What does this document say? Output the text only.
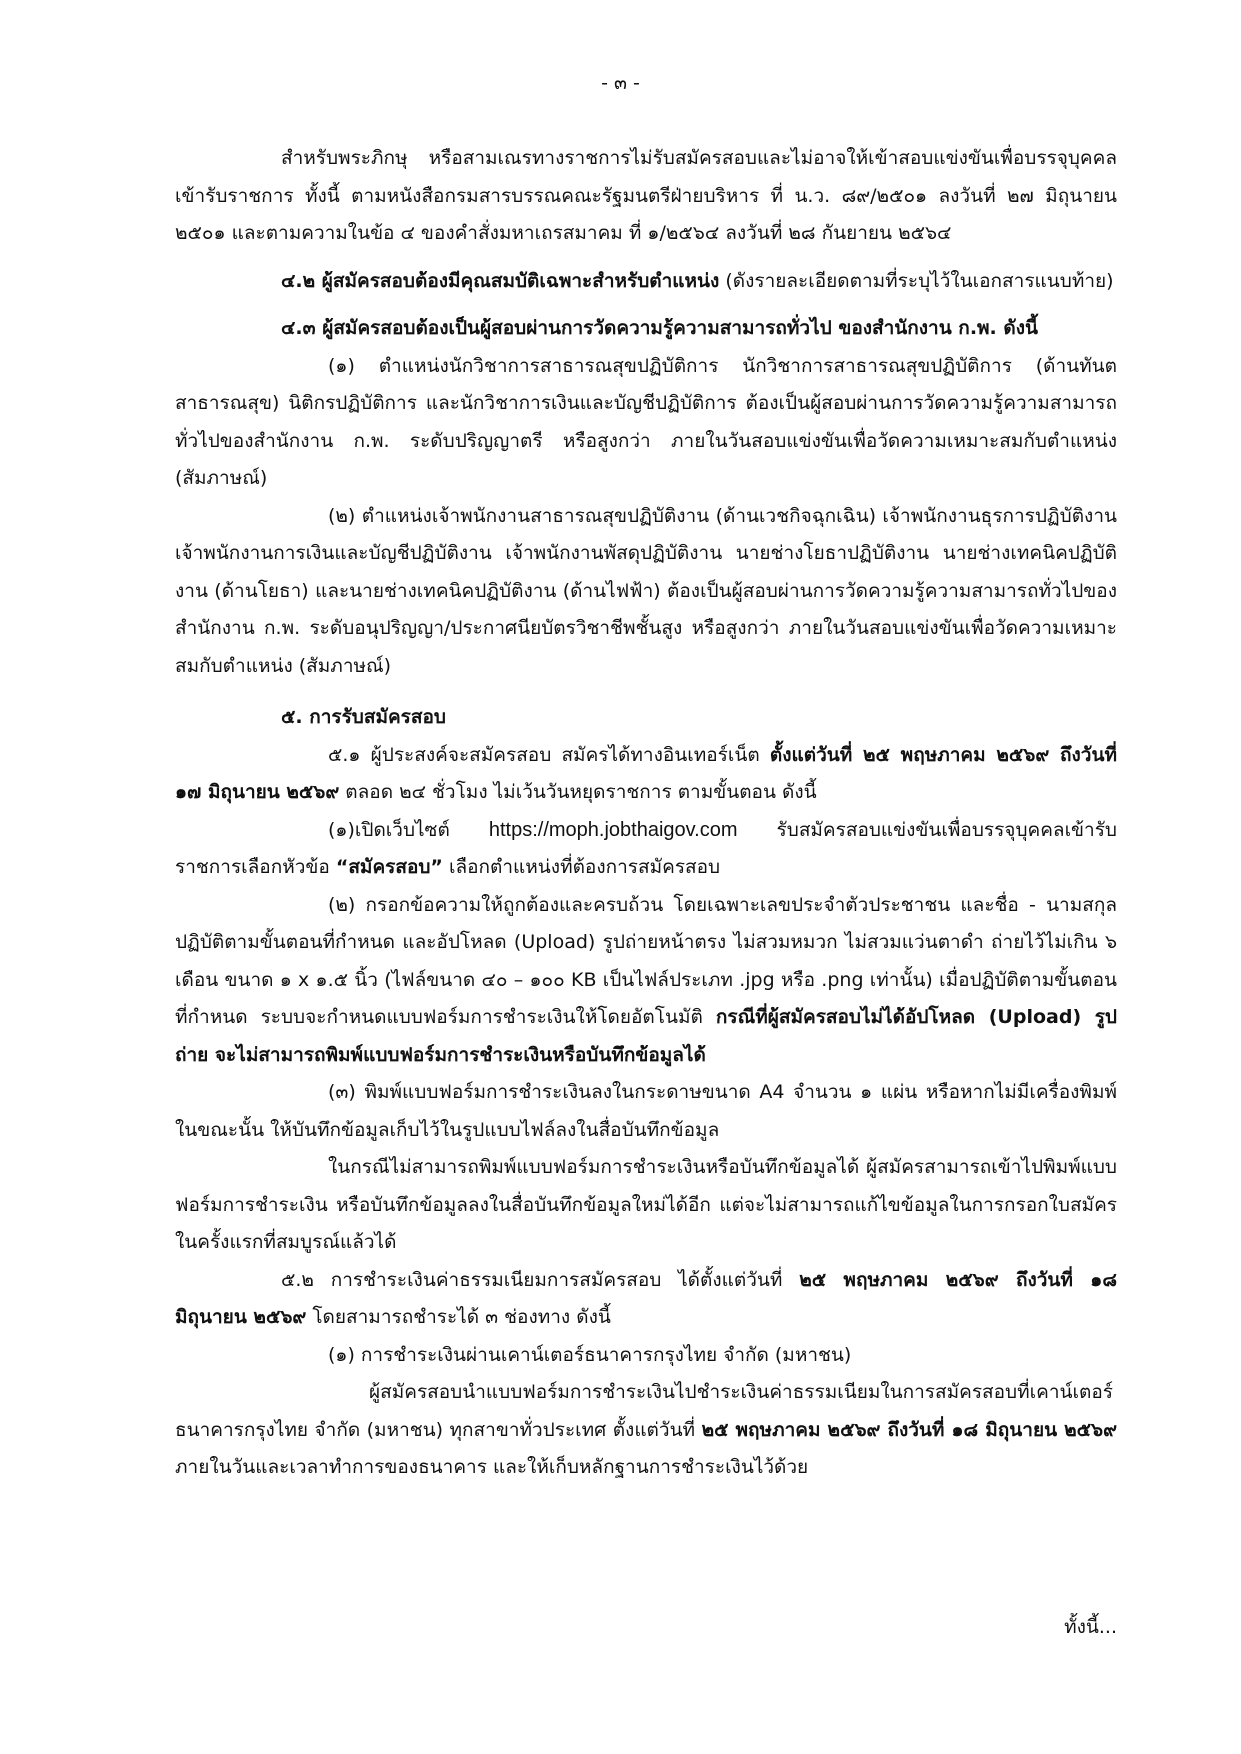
- ๓ -

สำหรับพระภิกษุ หรือสามเณรทางราชการไม่รับสมัครสอบและไม่อาจให้เข้าสอบแข่งขันเพื่อบรรจุบุคคลเข้ารับราชการ ทั้งนี้ ตามหนังสือกรมสารบรรณคณะรัฐมนตรีฝ่ายบริหาร ที่ น.ว. ๘๙/๒๕๐๑ ลงวันที่ ๒๗ มิถุนายน ๒๕๐๑ และตามความในข้อ ๔ ของคำสั่งมหาเถรสมาคม ที่ ๑/๒๕๖๔ ลงวันที่ ๒๘ กันยายน ๒๕๖๔

๔.๒ ผู้สมัครสอบต้องมีคุณสมบัติเฉพาะสำหรับตำแหน่ง (ดังรายละเอียดตามที่ระบุไว้ในเอกสารแนบท้าย)

๔.๓ ผู้สมัครสอบต้องเป็นผู้สอบผ่านการวัดความรู้ความสามารถทั่วไป ของสำนักงาน ก.พ. ดังนี้

(๑) ตำแหน่งนักวิชาการสาธารณสุขปฏิบัติการ นักวิชาการสาธารณสุขปฏิบัติการ (ด้านทันตสาธารณสุข) นิติกรปฏิบัติการ และนักวิชาการเงินและบัญชีปฏิบัติการ ต้องเป็นผู้สอบผ่านการวัดความรู้ความสามารถทั่วไปของสำนักงาน ก.พ. ระดับปริญญาตรี หรือสูงกว่า ภายในวันสอบแข่งขันเพื่อวัดความเหมาะสมกับตำแหน่ง (สัมภาษณ์)

(๒) ตำแหน่งเจ้าพนักงานสาธารณสุขปฏิบัติงาน (ด้านเวชกิจฉุกเฉิน) เจ้าพนักงานธุรการปฏิบัติงาน เจ้าพนักงานการเงินและบัญชีปฏิบัติงาน เจ้าพนักงานพัสดุปฏิบัติงาน นายช่างโยธาปฏิบัติงาน นายช่างเทคนิคปฏิบัติงาน (ด้านโยธา) และนายช่างเทคนิคปฏิบัติงาน (ด้านไฟฟ้า) ต้องเป็นผู้สอบผ่านการวัดความรู้ความสามารถทั่วไปของสำนักงาน ก.พ. ระดับอนุปริญญา/ประกาศนียบัตรวิชาชีพชั้นสูง หรือสูงกว่า ภายในวันสอบแข่งขันเพื่อวัดความเหมาะสมกับตำแหน่ง (สัมภาษณ์)

๕. การรับสมัครสอบ

๕.๑ ผู้ประสงค์จะสมัครสอบ สมัครได้ทางอินเทอร์เน็ต ตั้งแต่วันที่ ๒๕ พฤษภาคม ๒๕๖๙ ถึงวันที่ ๑๗ มิถุนายน ๒๕๖๙ ตลอด ๒๔ ชั่วโมง ไม่เว้นวันหยุดราชการ ตามขั้นตอน ดังนี้

(๑)เปิดเว็บไซต์ https://moph.jobthaigov.com รับสมัครสอบแข่งขันเพื่อบรรจุบุคคลเข้ารับราชการเลือกหัวข้อ “สมัครสอบ” เลือกตำแหน่งที่ต้องการสมัครสอบ

(๒) กรอกข้อความให้ถูกต้องและครบถ้วน โดยเฉพาะเลขประจำตัวประชาชน และชื่อ - นามสกุล ปฏิบัติตามขั้นตอนที่กำหนด และอัปโหลด (Upload) รูปถ่ายหน้าตรง ไม่สวมหมวก ไม่สวมแว่นตาดำ ถ่ายไว้ไม่เกิน ๖ เดือน ขนาด ๑ x ๑.๕ นิ้ว (ไฟล์ขนาด ๔๐ – ๑๐๐ KB เป็นไฟล์ประเภท .jpg หรือ .png เท่านั้น) เมื่อปฏิบัติตามขั้นตอนที่กำหนด ระบบจะกำหนดแบบฟอร์มการชำระเงินให้โดยอัตโนมัติ กรณีที่ผู้สมัครสอบไม่ได้อัปโหลด (Upload) รูปถ่าย จะไม่สามารถพิมพ์แบบฟอร์มการชำระเงินหรือบันทึกข้อมูลได้

(๓) พิมพ์แบบฟอร์มการชำระเงินลงในกระดาษขนาด A4 จำนวน ๑ แผ่น หรือหากไม่มีเครื่องพิมพ์ในขณะนั้น ให้บันทึกข้อมูลเก็บไว้ในรูปแบบไฟล์ลงในสื่อบันทึกข้อมูล

ในกรณีไม่สามารถพิมพ์แบบฟอร์มการชำระเงินหรือบันทึกข้อมูลได้ ผู้สมัครสามารถเข้าไปพิมพ์แบบฟอร์มการชำระเงิน หรือบันทึกข้อมูลลงในสื่อบันทึกข้อมูลใหม่ได้อีก แต่จะไม่สามารถแก้ไขข้อมูลในการกรอกใบสมัครในครั้งแรกที่สมบูรณ์แล้วได้

๕.๒ การชำระเงินค่าธรรมเนียมการสมัครสอบ ได้ตั้งแต่วันที่ ๒๕ พฤษภาคม ๒๕๖๙ ถึงวันที่ ๑๘ มิถุนายน ๒๕๖๙ โดยสามารถชำระได้ ๓ ช่องทาง ดังนี้

(๑) การชำระเงินผ่านเคาน์เตอร์ธนาคารกรุงไทย จำกัด (มหาชน)

ผู้สมัครสอบนำแบบฟอร์มการชำระเงินไปชำระเงินค่าธรรมเนียมในการสมัครสอบที่เคาน์เตอร์ธนาคารกรุงไทย จำกัด (มหาชน) ทุกสาขาทั่วประเทศ ตั้งแต่วันที่ ๒๕ พฤษภาคม ๒๕๖๙ ถึงวันที่ ๑๘ มิถุนายน ๒๕๖๙ ภายในวันและเวลาทำการของธนาคาร และให้เก็บหลักฐานการชำระเงินไว้ด้วย

ทั้งนี้...
